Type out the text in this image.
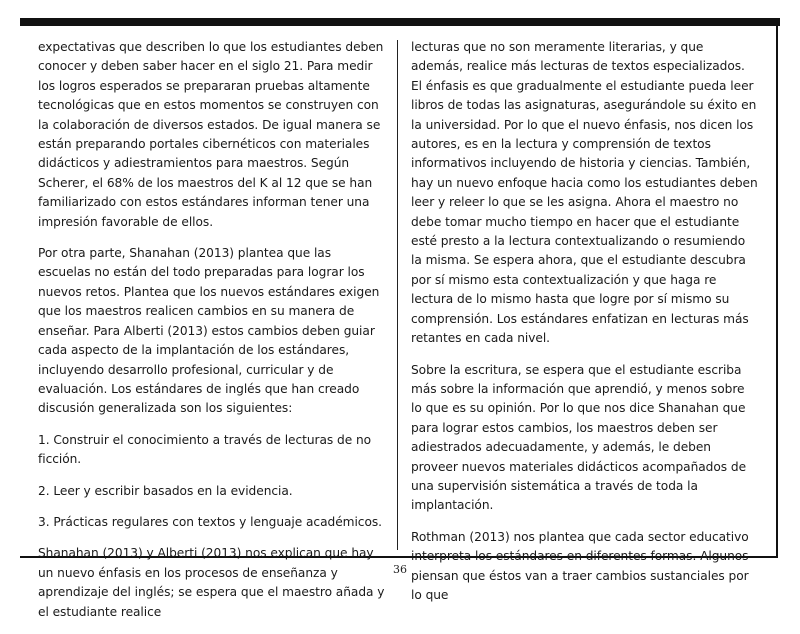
expectativas que describen lo que los estudiantes deben conocer y deben saber hacer en el siglo 21. Para medir los logros esperados se prepararan pruebas altamente tecnológicas que en estos momentos se construyen con la colaboración de diversos estados. De igual manera se están preparando portales cibernéticos con materiales didácticos y adiestramientos para maestros. Según Scherer, el 68% de los maestros del K al 12 que se han familiarizado con estos estándares informan tener una impresión favorable de ellos.

Por otra parte, Shanahan (2013) plantea que las escuelas no están del todo preparadas para lograr los nuevos retos. Plantea que los nuevos estándares exigen que los maestros realicen cambios en su manera de enseñar. Para Alberti (2013) estos cambios deben guiar cada aspecto de la implantación de los estándares, incluyendo desarrollo profesional, curricular y de evaluación. Los estándares de inglés que han creado discusión generalizada son los siguientes:

1. Construir el conocimiento a través de lecturas de no ficción.

2. Leer y escribir basados en la evidencia.

3. Prácticas regulares con textos y lenguaje académicos.

Shanahan (2013) y Alberti (2013) nos explican que hay un nuevo énfasis en los procesos de enseñanza y aprendizaje del inglés; se espera que el maestro añada y el estudiante realice

lecturas que no son meramente literarias, y que además, realice más lecturas de textos especializados. El énfasis es que gradualmente el estudiante pueda leer libros de todas las asignaturas, asegurándole su éxito en la universidad. Por lo que el nuevo énfasis, nos dicen los autores, es en la lectura y comprensión de textos informativos incluyendo de historia y ciencias. También, hay un nuevo enfoque hacia como los estudiantes deben leer y releer lo que se les asigna. Ahora el maestro no debe tomar mucho tiempo en hacer que el estudiante esté presto a la lectura contextualizando o resumiendo la misma. Se espera ahora, que el estudiante descubra por sí mismo esta contextualización y que haga re lectura de lo mismo hasta que logre por sí mismo su comprensión. Los estándares enfatizan en lecturas más retantes en cada nivel.

Sobre la escritura, se espera que el estudiante escriba más sobre la información que aprendió, y menos sobre lo que es su opinión. Por lo que nos dice Shanahan que para lograr estos cambios, los maestros deben ser adiestrados adecuadamente, y además, le deben proveer nuevos materiales didácticos acompañados de una supervisión sistemática a través de toda la implantación.

Rothman (2013) nos plantea que cada sector educativo interpreta los estándares en diferentes formas. Algunos piensan que éstos van a traer cambios sustanciales por lo que

36
